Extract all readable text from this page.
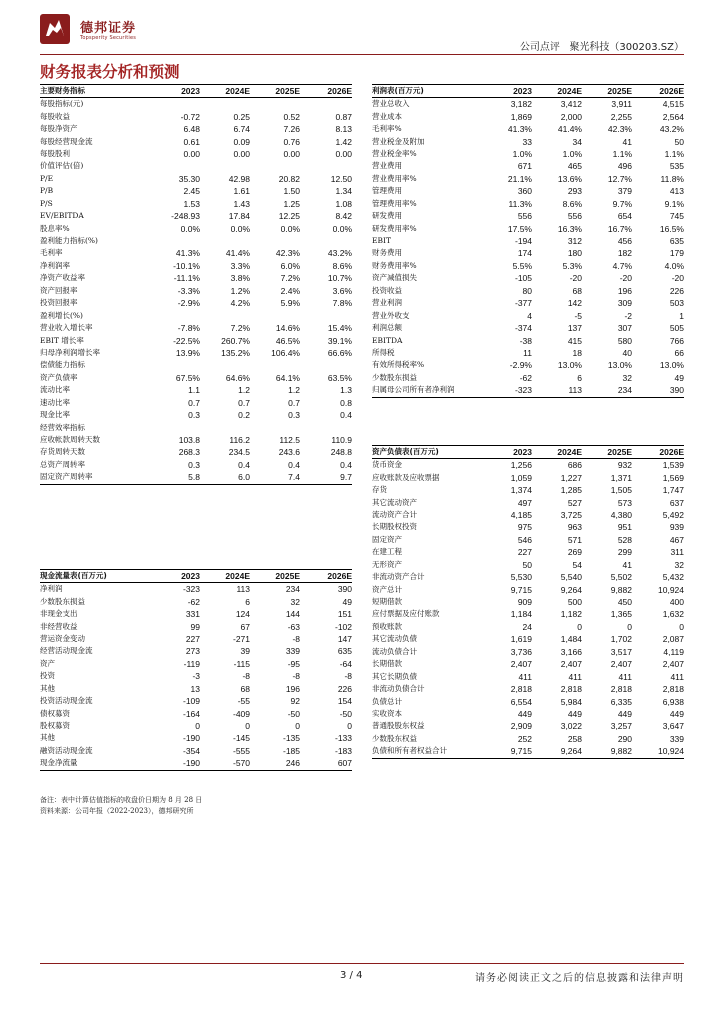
德邦证券
Topsperity Securities
公司点评 聚光科技（300203.SZ）
财务报表分析和预测
主要财务指标	2023	2024E	2025E	2026E
每股指标(元)				
每股收益	-0.72	0.25	0.52	0.87
每股净资产	6.48	6.74	7.26	8.13
每股经营现金流	0.61	0.09	0.76	1.42
每股股利	0.00	0.00	0.00	0.00
价值评估(倍)				
P/E	35.30	42.98	20.82	12.50
P/B	2.45	1.61	1.50	1.34
P/S	1.53	1.43	1.25	1.08
EV/EBITDA	-248.93	17.84	12.25	8.42
股息率%	0.0%	0.0%	0.0%	0.0%
盈利能力指标(%)				
毛利率	41.3%	41.4%	42.3%	43.2%
净利润率	-10.1%	3.3%	6.0%	8.6%
净资产收益率	-11.1%	3.8%	7.2%	10.7%
资产回报率	-3.3%	1.2%	2.4%	3.6%
投资回报率	-2.9%	4.2%	5.9%	7.8%
盈利增长(%)				
营业收入增长率	-7.8%	7.2%	14.6%	15.4%
EBIT 增长率	-22.5%	260.7%	46.5%	39.1%
归母净利润增长率	13.9%	135.2%	106.4%	66.6%
偿债能力指标				
资产负债率	67.5%	64.6%	64.1%	63.5%
流动比率	1.1	1.2	1.2	1.3
速动比率	0.7	0.7	0.7	0.8
现金比率	0.3	0.2	0.3	0.4
经营效率指标				
应收帐款周转天数	103.8	116.2	112.5	110.9
存货周转天数	268.3	234.5	243.6	248.8
总资产周转率	0.3	0.4	0.4	0.4
固定资产周转率	5.8	6.0	7.4	9.7
现金流量表(百万元)	2023	2024E	2025E	2026E
净利润	-323	113	234	390
少数股东损益	-62	6	32	49
非现金支出	331	124	144	151
非经营收益	99	67	-63	-102
营运资金变动	227	-271	-8	147
经营活动现金流	273	39	339	635
资产	-119	-115	-95	-64
投资	-3	-8	-8	-8
其他	13	68	196	226
投资活动现金流	-109	-55	92	154
债权募资	-164	-409	-50	-50
股权募资	0	0	0	0
其他	-190	-145	-135	-133
融资活动现金流	-354	-555	-185	-183
现金净流量	-190	-570	246	607
利润表(百万元)	2023	2024E	2025E	2026E
营业总收入	3,182	3,412	3,911	4,515
营业成本	1,869	2,000	2,255	2,564
毛利率%	41.3%	41.4%	42.3%	43.2%
营业税金及附加	33	34	41	50
营业税金率%	1.0%	1.0%	1.1%	1.1%
营业费用	671	465	496	535
营业费用率%	21.1%	13.6%	12.7%	11.8%
管理费用	360	293	379	413
管理费用率%	11.3%	8.6%	9.7%	9.1%
研发费用	556	556	654	745
研发费用率%	17.5%	16.3%	16.7%	16.5%
EBIT	-194	312	456	635
财务费用	174	180	182	179
财务费用率%	5.5%	5.3%	4.7%	4.0%
资产减值损失	-105	-20	-20	-20
投资收益	80	68	196	226
营业利润	-377	142	309	503
营业外收支	4	-5	-2	1
利润总额	-374	137	307	505
EBITDA	-38	415	580	766
所得税	11	18	40	66
有效所得税率%	-2.9%	13.0%	13.0%	13.0%
少数股东损益	-62	6	32	49
归属母公司所有者净利润	-323	113	234	390
资产负债表(百万元)	2023	2024E	2025E	2026E
货币资金	1,256	686	932	1,539
应收账款及应收票据	1,059	1,227	1,371	1,569
存货	1,374	1,285	1,505	1,747
其它流动资产	497	527	573	637
流动资产合计	4,185	3,725	4,380	5,492
长期股权投资	975	963	951	939
固定资产	546	571	528	467
在建工程	227	269	299	311
无形资产	50	54	41	32
非流动资产合计	5,530	5,540	5,502	5,432
资产总计	9,715	9,264	9,882	10,924
短期借款	909	500	450	400
应付票据及应付账款	1,184	1,182	1,365	1,632
预收账款	24	0	0	0
其它流动负债	1,619	1,484	1,702	2,087
流动负债合计	3,736	3,166	3,517	4,119
长期借款	2,407	2,407	2,407	2,407
其它长期负债	411	411	411	411
非流动负债合计	2,818	2,818	2,818	2,818
负债总计	6,554	5,984	6,335	6,938
实收资本	449	449	449	449
普通股股东权益	2,909	3,022	3,257	3,647
少数股东权益	252	258	290	339
负债和所有者权益合计	9,715	9,264	9,882	10,924
备注：表中计算估值指标的收盘价日期为 8 月 28 日
资料来源：公司年报（2022-2023），德邦研究所
3 / 4	请务必阅读正文之后的信息披露和法律声明
